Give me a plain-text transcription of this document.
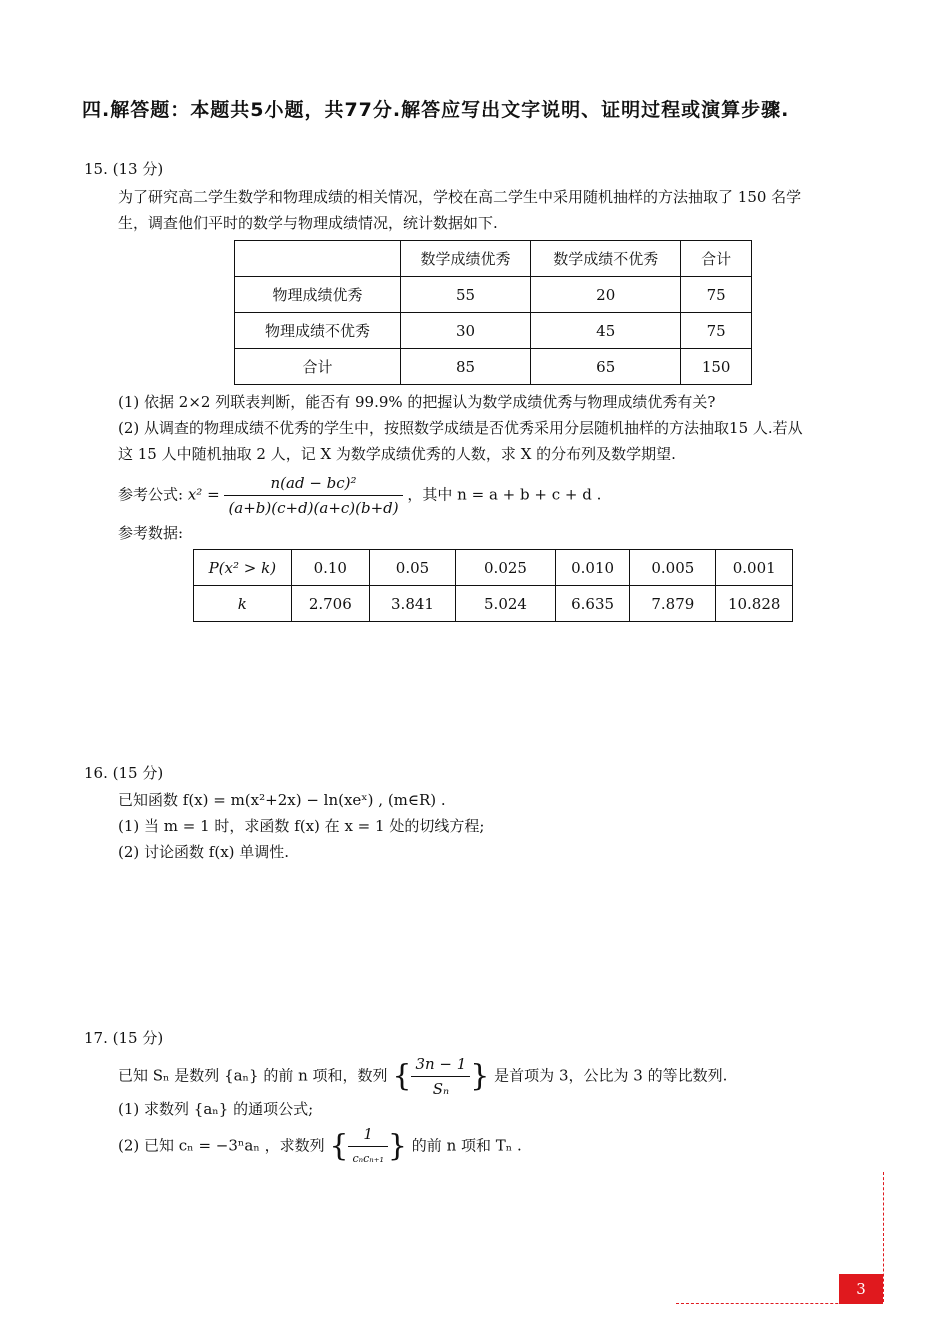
四.解答题：本题共5小题，共77分.解答应写出文字说明、证明过程或演算步骤.
15. (13 分)
为了研究高二学生数学和物理成绩的相关情况，学校在高二学生中采用随机抽样的方法抽取了 150 名学
生，调查他们平时的数学与物理成绩情况，统计数据如下.
	数学成绩优秀	数学成绩不优秀	合计
物理成绩优秀	55	20	75
物理成绩不优秀	30	45	75
合计	85	65	150
(1) 依据 2×2 列联表判断，能否有 99.9% 的把握认为数学成绩优秀与物理成绩优秀有关?
(2) 从调查的物理成绩不优秀的学生中，按照数学成绩是否优秀采用分层随机抽样的方法抽取15 人.若从
这 15 人中随机抽取 2 人，记 X 为数学成绩优秀的人数，求 X 的分布列及数学期望.
参考公式: $x^2 = \frac{\text{n(ad − bc)²}}{(a+b)(c+d)(a+c)(b+d)}$ ，其中 n = a + b + c + d .
参考数据:
P(x² > k)	0.10	0.05	0.025	0.010	0.005	0.001
k	2.706	3.841	5.024	6.635	7.879	10.828
16. (15 分)
已知函数 f(x) = m(x²+2x) − ln(xeˣ) , (m∈R) .
(1) 当 m = 1 时，求函数 f(x) 在 x = 1 处的切线方程;
(2) 讨论函数 f(x) 单调性.
17. (15 分)
已知 Sₙ 是数列 {aₙ} 的前 n 项和，数列 { $\frac{3n - 1}{\text{Sₙ}}$ } 是首项为 3，公比为 3 的等比数列.
(1) 求数列 {aₙ} 的通项公式;
(2) 已知 cₙ = −3ⁿaₙ ，求数列 { $\frac{1}{\text{cₙcₙ₊₁}}$ } 的前 n 项和 Tₙ .
3
